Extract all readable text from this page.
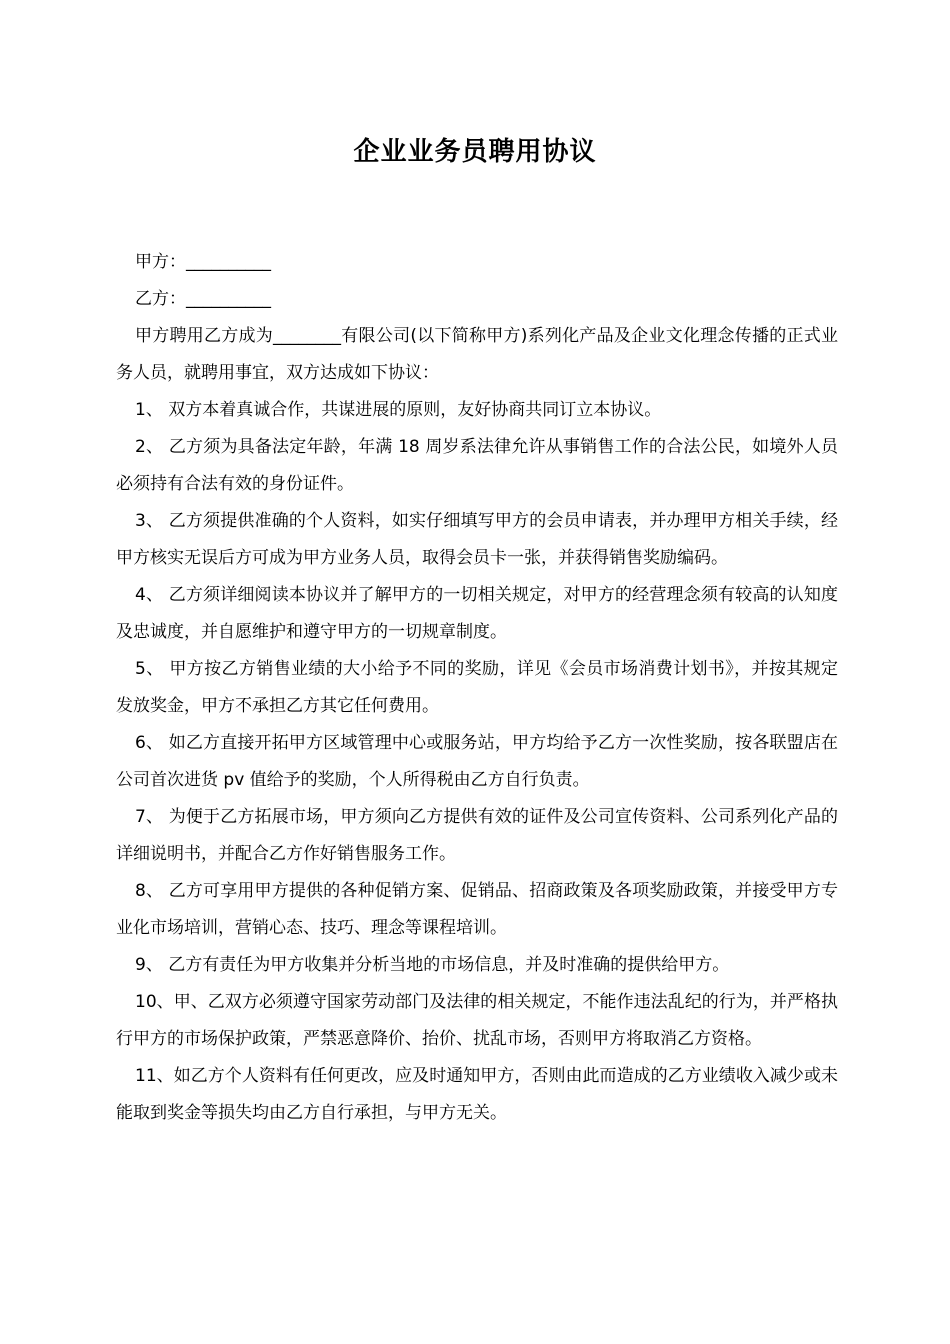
企业业务员聘用协议

甲方：__________

乙方：__________

甲方聘用乙方成为________有限公司(以下简称甲方)系列化产品及企业文化理念传播的正式业务人员，就聘用事宜，双方达成如下协议：

1、 双方本着真诚合作，共谋进展的原则，友好协商共同订立本协议。

2、 乙方须为具备法定年龄，年满 18 周岁系法律允许从事销售工作的合法公民，如境外人员必须持有合法有效的身份证件。

3、 乙方须提供准确的个人资料，如实仔细填写甲方的会员申请表，并办理甲方相关手续，经甲方核实无误后方可成为甲方业务人员，取得会员卡一张，并获得销售奖励编码。

4、 乙方须详细阅读本协议并了解甲方的一切相关规定，对甲方的经营理念须有较高的认知度及忠诚度，并自愿维护和遵守甲方的一切规章制度。

5、 甲方按乙方销售业绩的大小给予不同的奖励，详见《会员市场消费计划书》，并按其规定发放奖金，甲方不承担乙方其它任何费用。

6、 如乙方直接开拓甲方区域管理中心或服务站，甲方均给予乙方一次性奖励，按各联盟店在公司首次进货 pv 值给予的奖励，个人所得税由乙方自行负责。

7、 为便于乙方拓展市场，甲方须向乙方提供有效的证件及公司宣传资料、公司系列化产品的详细说明书，并配合乙方作好销售服务工作。

8、 乙方可享用甲方提供的各种促销方案、促销品、招商政策及各项奖励政策，并接受甲方专业化市场培训，营销心态、技巧、理念等课程培训。

9、 乙方有责任为甲方收集并分析当地的市场信息，并及时准确的提供给甲方。

10、甲、乙双方必须遵守国家劳动部门及法律的相关规定，不能作违法乱纪的行为，并严格执行甲方的市场保护政策，严禁恶意降价、抬价、扰乱市场，否则甲方将取消乙方资格。

11、如乙方个人资料有任何更改，应及时通知甲方，否则由此而造成的乙方业绩收入减少或未能取到奖金等损失均由乙方自行承担，与甲方无关。
